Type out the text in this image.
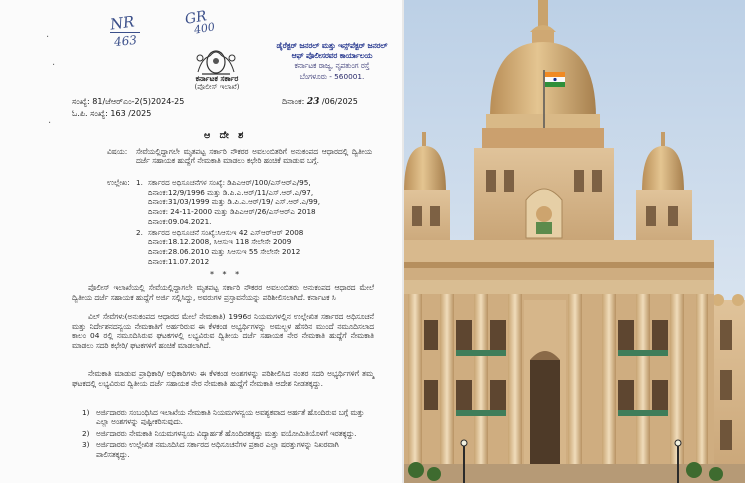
NR	GR
463
400
ಕರ್ನಾಟಕ ಸರ್ಕಾರ
(ಪೊಲೀಸ್ ಇಲಾಖೆ)
ಡೈರೆಕ್ಟರ್ ಜನರಲ್ ಮತ್ತು ಇನ್ಸ್‌ಪೆಕ್ಟರ್ ಜನರಲ್
ಆಫ್ ಪೊಲೀಸರವರ ಕಾರ್ಯಾಲಯ
ಕರ್ನಾಟಕ ರಾಜ್ಯ, ನೃಪತುಂಗ ರಸ್ತೆ
ಬೆಂಗಳೂರು - 560001.
ಸಂಖ್ಯೆ: 81/ಜೆಆರ್‌ಎಂ-2(5)2024-25
ಓ.ಪಿ. ಸಂಖ್ಯೆ: 163 /2025
ದಿನಾಂಕ: 23 /06/2025
ಆ ದೇ ಶ
ವಿಷಯ: ಸೇವೆಯಲ್ಲಿದ್ದಾಗಲೇ ಮೃತಪಟ್ಟ ಸರ್ಕಾರಿ ನೌಕರರ ಅವಲಂಬಿತರಿಗೆ ಅನುಕಂಪದ ಆಧಾರದಲ್ಲಿ ದ್ವಿತೀಯ ದರ್ಜೆ ಸಹಾಯಕ ಹುದ್ದೆಗೆ ನೇಮಕಾತಿ ಮಾಡಲು ಕಛೇರಿ ಹಂಚಿಕೆ ಮಾಡುವ ಬಗ್ಗೆ.
ಉಲ್ಲೇಖ: 1. ಸರ್ಕಾರದ ಅಧಿಸೂಚನೆಗಳ ಸಂಖ್ಯೆ: ಡಿಪಿಎಆರ್/100/ಎಸ್‌ಆರ್‌ಎ/95,
ದಿನಾಂಕ:12/9/1996 ಮತ್ತು ಡಿ.ಪಿ.ಎ.ಆರ್/11/ಎಸ್.ಆರ್.ಎ/97,
ದಿನಾಂಕ:31/03/1999 ಮತ್ತು ಡಿ.ಪಿ.ಎ.ಆರ್/19/ ಎಸ್.ಆರ್.ಎ/99,
ದಿನಾಂಕ: 24-11-2000 ಮತ್ತು ಡಿಪಿಎಆರ್/26/ಎಸ್‌ಆರ್‌ಎ 2018
ದಿನಾಂಕ:09.04.2021.
2. ಸರ್ಕಾರದ ಅಧಿಸೂಚನೆ ಸಂಖ್ಯೆ:ಸಿಆಸುಇ 42 ಎಸ್‌ಆರ್‌ಆರ್ 2008
ದಿನಾಂಕ:18.12.2008, ಸಿಆಸುಇ 118 ಸೇಲೇಸೇ 2009
ದಿನಾಂಕ:28.06.2010 ಮತ್ತು ಸಿಆಸುಇ 55 ಸೇಲೇಸೇ 2012
ದಿನಾಂಕ:11.07.2012
* * *

ಪೊಲೀಸ್ ಇಲಾಖೆಯಲ್ಲಿ ಸೇವೆಯಲ್ಲಿದ್ದಾಗಲೇ ಮೃತಪಟ್ಟ ಸರ್ಕಾರಿ ನೌಕರರ ಅವಲಂಬಿತರು ಅನುಕಂಪದ ಆಧಾರದ ಮೇಲೆ ದ್ವಿತೀಯ ದರ್ಜೆ ಸಹಾಯಕ ಹುದ್ದೆಗೆ ಅರ್ಜಿ ಸಲ್ಲಿಸಿದ್ದು, ಅವರುಗಳ ಪ್ರಸ್ತಾವನೆಯನ್ನು ಪರಿಶೀಲಿಸಲಾಗಿದೆ. ಕರ್ನಾಟಕ ಸಿ

ವಿಲ್ ಸೇವೆಗಳು(ಅನುಕಂಪದ ಆಧಾರದ ಮೇಲೆ ನೇಮಕಾತಿ) 1996ರ ನಿಯಮಗಳಲ್ಲಿನ ಉಲ್ಲೇಖಿತ ಸರ್ಕಾರದ ಅಧಿಸೂಚನೆ ಮತ್ತು ನಿರ್ದೇಶನದನ್ವಯ ನೇಮಕಾತಿಗೆ ಅರ್ಹರಿರುವ ಈ ಕೆಳಕಂಡ ಅಭ್ಯರ್ಥಿಗಳನ್ನು ಅಮಲ್ಬಳ ಹೆಸರಿನ ಮುಂದೆ ನಮೂದಿಸಲಾದ ಕಾಲಂ 04 ರಲ್ಲಿ ನಮೂದಿಸಿರುವ ಘಟಕಗಳಲ್ಲಿ ಲಭ್ಯವಿರುವ ದ್ವಿತೀಯ ದರ್ಜೆ ಸಹಾಯಕ ನೇರ ನೇಮಕಾತಿ ಹುದ್ದೆಗೆ ನೇಮಕಾತಿ ಮಾಡಲು ಸದರಿ ಕಛೇರಿ/ ಘಟಕಗಳಿಗೆ ಹಂಚಿಕೆ ಮಾಡಲಾಗಿದೆ.

ನೇಮಕಾತಿ ಮಾಡುವ ಪ್ರಾಧಿಕಾರಿ/ ಅಧಿಕಾರಿಗಳು ಈ ಕೆಳಕಂಡ ಅಂಶಗಳನ್ನು ಪರಿಶೀಲಿಸಿದ ನಂತರ ಸದರಿ ಅಭ್ಯರ್ಥಿಗಳಿಗೆ ತಮ್ಮ ಘಟಕದಲ್ಲಿ ಲಭ್ಯವಿರುವ ದ್ವಿತೀಯ ದರ್ಜೆ ಸಹಾಯಕ ನೇರ ನೇಮಕಾತಿ ಹುದ್ದೆಗೆ ನೇಮಕಾತಿ ಆದೇಶ ನೀಡತಕ್ಕದ್ದು.

1) ಅರ್ಜಿದಾರರು ಸಂಬಂಧಿಸಿದ ಇಲಾಖೆಯ ನೇಮಕಾತಿ ನಿಯಮಗಳನ್ವಯ ಅವಶ್ಯಕವಾದ ಅರ್ಹತೆ ಹೊಂದಿರುವ ಬಗ್ಗೆ ಮತ್ತು ಎಲ್ಲಾ ಅಂಶಗಳನ್ನು ಪುಷ್ಟೀಕರಿಸುವುದು.
2) ಅರ್ಜಿದಾರರು ನೇಮಕಾತಿ ನಿಯಮಗಳನ್ವಯ ವಿದ್ಯಾರ್ಹತೆ ಹೊಂದಿರತಕ್ಕದ್ದು ಮತ್ತು ವಯೋಮಿತಿಯೊಳಗೆ ಇರತಕ್ಕದ್ದು.
3) ಅರ್ಜಿದಾರರು ಉಲ್ಲೇಖಿತ ನಮೂದಿಸಿದ ಸರ್ಕಾರದ ಅಧಿಸೂಚನೆಗಳ ಪ್ರಕಾರ ಎಲ್ಲಾ ಷರತ್ತುಗಳನ್ನು ನಿಖರವಾಗಿ ಪಾಲಿಸತಕ್ಕದ್ದು.
·
·
·
